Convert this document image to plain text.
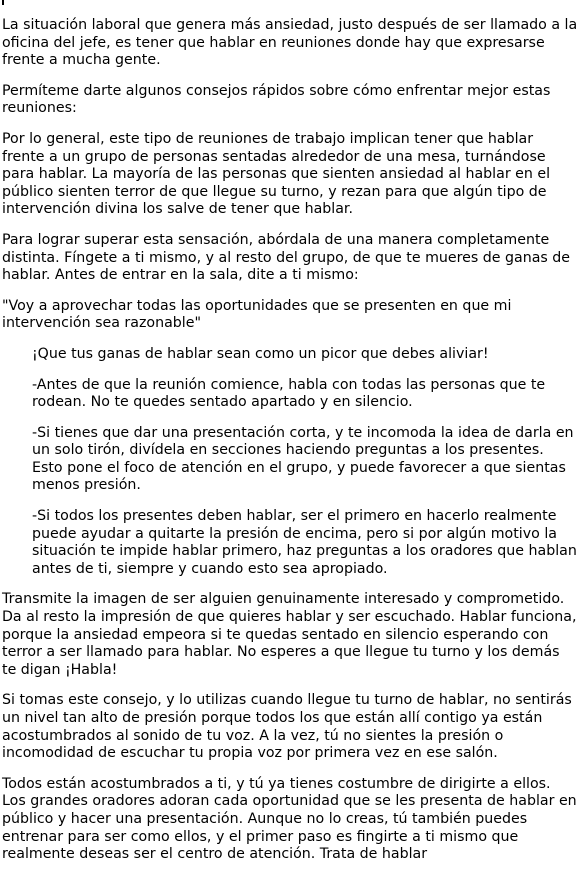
La situación laboral que genera más ansiedad, justo después de ser llamado a la oficina del jefe, es tener que hablar en reuniones donde hay que expresarse frente a mucha gente.

Permíteme darte algunos consejos rápidos sobre cómo enfrentar mejor estas reuniones:

Por lo general, este tipo de reuniones de trabajo implican tener que hablar frente a un grupo de personas sentadas alrededor de una mesa, turnándose para hablar. La mayoría de las personas que sienten ansiedad al hablar en el público sienten terror de que llegue su turno, y rezan para que algún tipo de intervención divina los salve de tener que hablar.

Para lograr superar esta sensación, abórdala de una manera completamente distinta. Fíngete a ti mismo, y al resto del grupo, de que te mueres de ganas de hablar. Antes de entrar en la sala, dite a ti mismo:

"Voy a aprovechar todas las oportunidades que se presenten en que mi intervención sea razonable"

¡Que tus ganas de hablar sean como un picor que debes aliviar!

-Antes de que la reunión comience, habla con todas las personas que te rodean. No te quedes sentado apartado y en silencio.

-Si tienes que dar una presentación corta, y te incomoda la idea de darla en un solo tirón, divídela en secciones haciendo preguntas a los presentes. Esto pone el foco de atención en el grupo, y puede favorecer a que sientas menos presión.

-Si todos los presentes deben hablar, ser el primero en hacerlo realmente puede ayudar a quitarte la presión de encima, pero si por algún motivo la situación te impide hablar primero, haz preguntas a los oradores que hablan antes de ti, siempre y cuando esto sea apropiado.

Transmite la imagen de ser alguien genuinamente interesado y comprometido. Da al resto la impresión de que quieres hablar y ser escuchado. Hablar funciona, porque la ansiedad empeora si te quedas sentado en silencio esperando con terror a ser llamado para hablar. No esperes a que llegue tu turno y los demás te digan ¡Habla!

Si tomas este consejo, y lo utilizas cuando llegue tu turno de hablar, no sentirás un nivel tan alto de presión porque todos los que están allí contigo ya están acostumbrados al sonido de tu voz. A la vez, tú no sientes la presión o incomodidad de escuchar tu propia voz por primera vez en ese salón.

Todos están acostumbrados a ti, y tú ya tienes costumbre de dirigirte a ellos. Los grandes oradores adoran cada oportunidad que se les presenta de hablar en público y hacer una presentación. Aunque no lo creas, tú también puedes entrenar para ser como ellos, y el primer paso es fingirte a ti mismo que realmente deseas ser el centro de atención. Trata de hablar
